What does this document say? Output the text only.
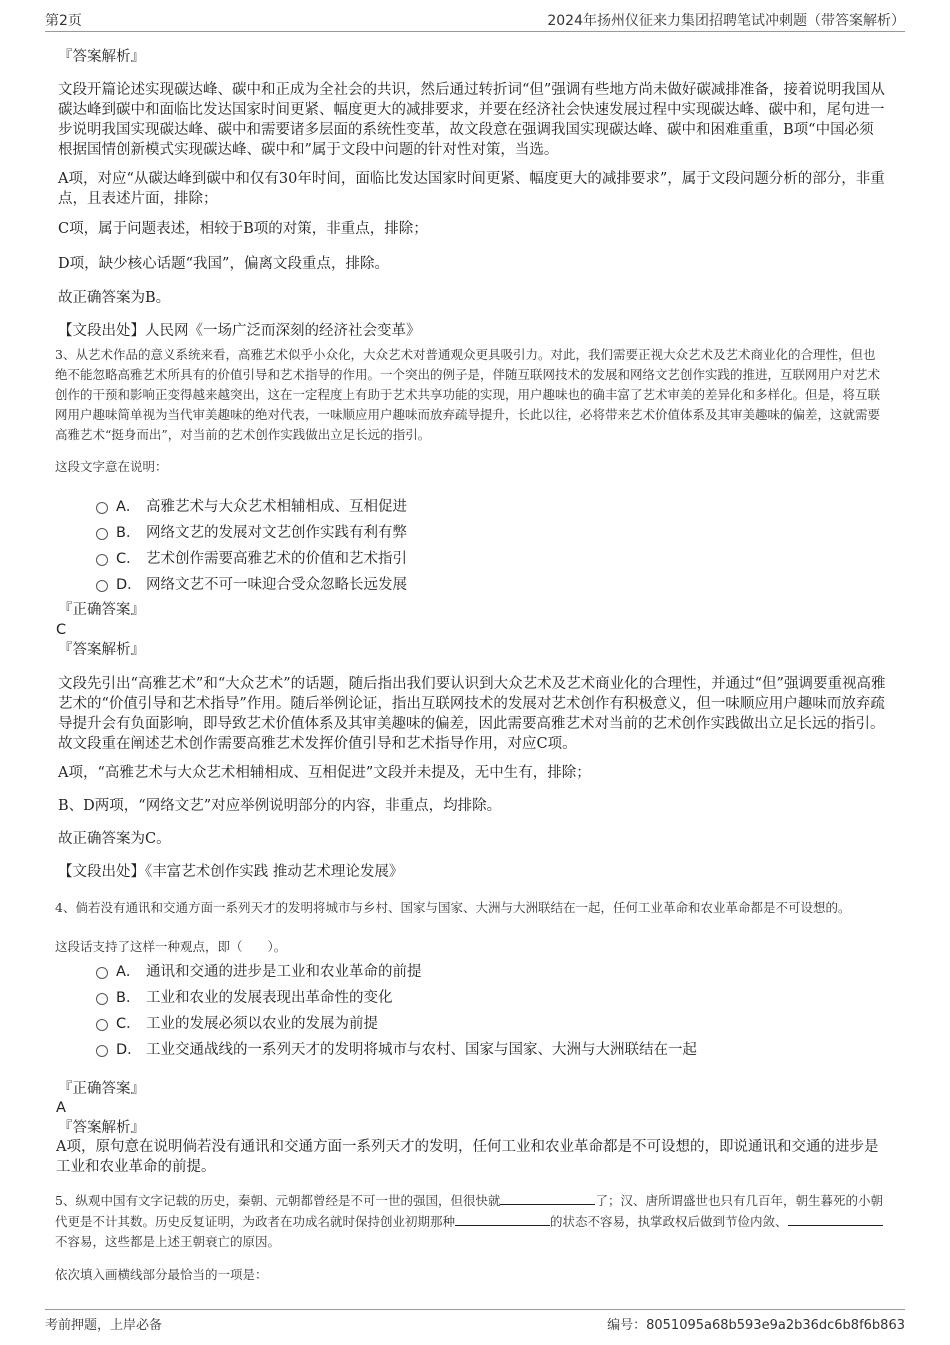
第2页	2024年扬州仪征来力集团招聘笔试冲刺题（带答案解析）
『答案解析』
文段开篇论述实现碳达峰、碳中和正成为全社会的共识，然后通过转折词“但”强调有些地方尚未做好碳减排准备，接着说明我国从碳达峰到碳中和面临比发达国家时间更紧、幅度更大的减排要求，并要在经济社会快速发展过程中实现碳达峰、碳中和，尾句进一步说明我国实现碳达峰、碳中和需要诸多层面的系统性变革，故文段意在强调我国实现碳达峰、碳中和困难重重，B项“中国必须根据国情创新模式实现碳达峰、碳中和”属于文段中问题的针对性对策，当选。
A项，对应“从碳达峰到碳中和仅有30年时间，面临比发达国家时间更紧、幅度更大的减排要求”，属于文段问题分析的部分，非重点，且表述片面，排除；
C项，属于问题表述，相较于B项的对策，非重点，排除；
D项，缺少核心话题“我国”，偏离文段重点，排除。
故正确答案为B。
【文段出处】人民网《一场广泛而深刻的经济社会变革》
3、从艺术作品的意义系统来看，高雅艺术似乎小众化，大众艺术对普通观众更具吸引力。对此，我们需要正视大众艺术及艺术商业化的合理性，但也绝不能忽略高雅艺术所具有的价值引导和艺术指导的作用。一个突出的例子是，伴随互联网技术的发展和网络文艺创作实践的推进，互联网用户对艺术创作的干预和影响正变得越来越突出，这在一定程度上有助于艺术共享功能的实现，用户趣味也的确丰富了艺术审美的差异化和多样化。但是，将互联网用户趣味简单视为当代审美趣味的绝对代表，一味顺应用户趣味而放弃疏导提升，长此以往，必将带来艺术价值体系及其审美趣味的偏差，这就需要高雅艺术“挺身而出”，对当前的艺术创作实践做出立足长远的指引。
这段文字意在说明：
A． 高雅艺术与大众艺术相辅相成、互相促进
B． 网络文艺的发展对文艺创作实践有利有弊
C． 艺术创作需要高雅艺术的价值和艺术指引
D． 网络文艺不可一味迎合受众忽略长远发展
『正确答案』
C
『答案解析』
文段先引出“高雅艺术”和“大众艺术”的话题，随后指出我们要认识到大众艺术及艺术商业化的合理性，并通过“但”强调要重视高雅艺术的“价值引导和艺术指导”作用。随后举例论证，指出互联网技术的发展对艺术创作有积极意义，但一味顺应用户趣味而放弃疏导提升会有负面影响，即导致艺术价值体系及其审美趣味的偏差，因此需要高雅艺术对当前的艺术创作实践做出立足长远的指引。故文段重在阐述艺术创作需要高雅艺术发挥价值引导和艺术指导作用，对应C项。
A项，“高雅艺术与大众艺术相辅相成、互相促进”文段并未提及，无中生有，排除；
B、D两项，“网络文艺”对应举例说明部分的内容，非重点，均排除。
故正确答案为C。
【文段出处】《丰富艺术创作实践 推动艺术理论发展》
4、倘若没有通讯和交通方面一系列天才的发明将城市与乡村、国家与国家、大洲与大洲联结在一起，任何工业革命和农业革命都是不可设想的。
这段话支持了这样一种观点，即（　　）。
A． 通讯和交通的进步是工业和农业革命的前提
B． 工业和农业的发展表现出革命性的变化
C． 工业的发展必须以农业的发展为前提
D． 工业交通战线的一系列天才的发明将城市与农村、国家与国家、大洲与大洲联结在一起
『正确答案』
A
『答案解析』
A项，原句意在说明倘若没有通讯和交通方面一系列天才的发明，任何工业和农业革命都是不可设想的，即说通讯和交通的进步是工业和农业革命的前提。
5、纵观中国有文字记载的历史，秦朝、元朝都曾经是不可一世的强国，但很快就	了；汉、唐所谓盛世也只有几百年，朝生暮死的小朝代更是不计其数。历史反复证明，为政者在功成名就时保持创业初期那种	的状态不容易，执掌政权后做到节俭内敛、不容易，这些都是上述王朝衰亡的原因。
依次填入画横线部分最恰当的一项是：
考前押题，上岸必备	编号：8051095a68b593e9a2b36dc6b8f6b863
